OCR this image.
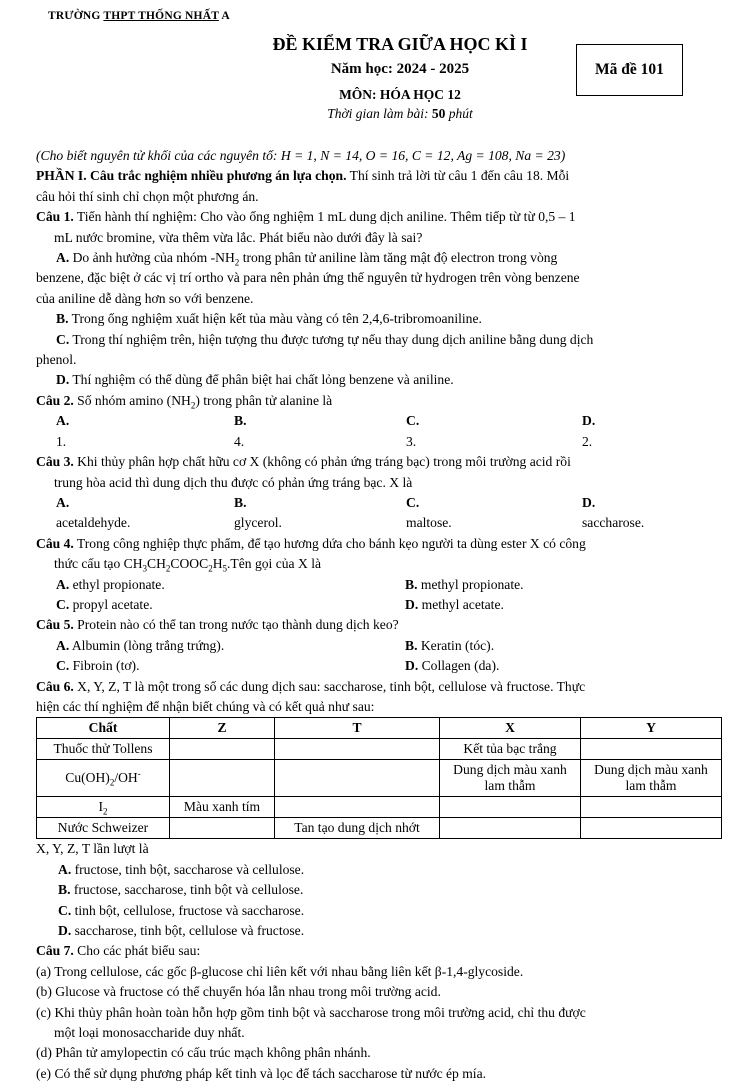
TRƯỜNG THPT THỐNG NHẤT A
ĐỀ KIỂM TRA GIỮA HỌC KÌ I
Năm học: 2024 - 2025
MÔN: HÓA HỌC 12
Thời gian làm bài: 50 phút
Mã đề 101
(Cho biết nguyên tử khối của các nguyên tố: H = 1, N = 14, O = 16, C = 12, Ag = 108, Na = 23)
PHẦN I. Câu trắc nghiệm nhiều phương án lựa chọn. Thí sinh trả lời từ câu 1 đến câu 18. Mỗi
câu hỏi thí sinh chỉ chọn một phương án.
Câu 1. Tiến hành thí nghiệm: Cho vào ống nghiệm 1 mL dung dịch aniline. Thêm tiếp từ từ 0,5 – 1
mL nước bromine, vừa thêm vừa lắc. Phát biểu nào dưới đây là sai?
A. Do ảnh hưởng của nhóm $-NH_2$ trong phân tử aniline làm tăng mật độ electron trong vòng
benzene, đặc biệt ở các vị trí ortho và para nên phản ứng thế nguyên tử hydrogen trên vòng benzene
của aniline dễ dàng hơn so với benzene.
B. Trong ống nghiệm xuất hiện kết tủa màu vàng có tên 2,4,6-tribromoaniline.
C. Trong thí nghiệm trên, hiện tượng thu được tương tự nếu thay dung dịch aniline bằng dung dịch
phenol.
D. Thí nghiệm có thể dùng để phân biệt hai chất lỏng benzene và aniline.
Câu 2. Số nhóm amino $(NH_2)$ trong phân tử alanine là
A.
1.
B.
4.
C.
3.
D.
2.
Câu 3. Khi thủy phân hợp chất hữu cơ X (không có phản ứng tráng bạc) trong môi trường acid rồi
trung hòa acid thì dung dịch thu được có phản ứng tráng bạc. X là
A.
acetaldehyde.
B.
glycerol.
C.
maltose.
D.
saccharose.
Câu 4. Trong công nghiệp thực phẩm, để tạo hương dứa cho bánh kẹo người ta dùng ester X có công
thức cấu tạo $CH_3CH_2COOC_2H_5.Tên$ gọi của X là
A. ethyl propionate.	B. methyl propionate.
C. propyl acetate.	D. methyl acetate.
Câu 5. Protein nào có thể tan trong nước tạo thành dung dịch keo?
A. Albumin (lòng trắng trứng).	B. Keratin (tóc).
C. Fibroin (tơ).	D. Collagen (da).
Câu 6. X, Y, Z, T là một trong số các dung dịch sau: saccharose, tinh bột, cellulose và fructose. Thực
hiện các thí nghiệm để nhận biết chúng và có kết quả như sau:
Chất	Z	T	X	Y
Thuốc thử Tollens			Kết tủa bạc trắng	
$Cu(OH)_2/OH^-$			Dung dịch màu xanh lam thẫm	Dung dịch màu xanh lam thẫm
$I_2$	Màu xanh tím			
Nước Schweizer		Tan tạo dung dịch nhớt		
X, Y, Z, T lần lượt là
A. fructose, tinh bột, saccharose và cellulose.
B. fructose, saccharose, tinh bột và cellulose.
C. tinh bột, cellulose, fructose và saccharose.
D. saccharose, tinh bột, cellulose và fructose.
Câu 7. Cho các phát biểu sau:
(a) Trong cellulose, các gốc β-glucose chỉ liên kết với nhau bằng liên kết β-1,4-glycoside.
(b) Glucose và fructose có thể chuyển hóa lẫn nhau trong môi trường acid.
(c) Khi thủy phân hoàn toàn hỗn hợp gồm tinh bột và saccharose trong môi trường acid, chỉ thu được
một loại monosaccharide duy nhất.
(d) Phân tử amylopectin có cấu trúc mạch không phân nhánh.
(e) Có thể sử dụng phương pháp kết tinh và lọc để tách saccharose từ nước ép mía.
